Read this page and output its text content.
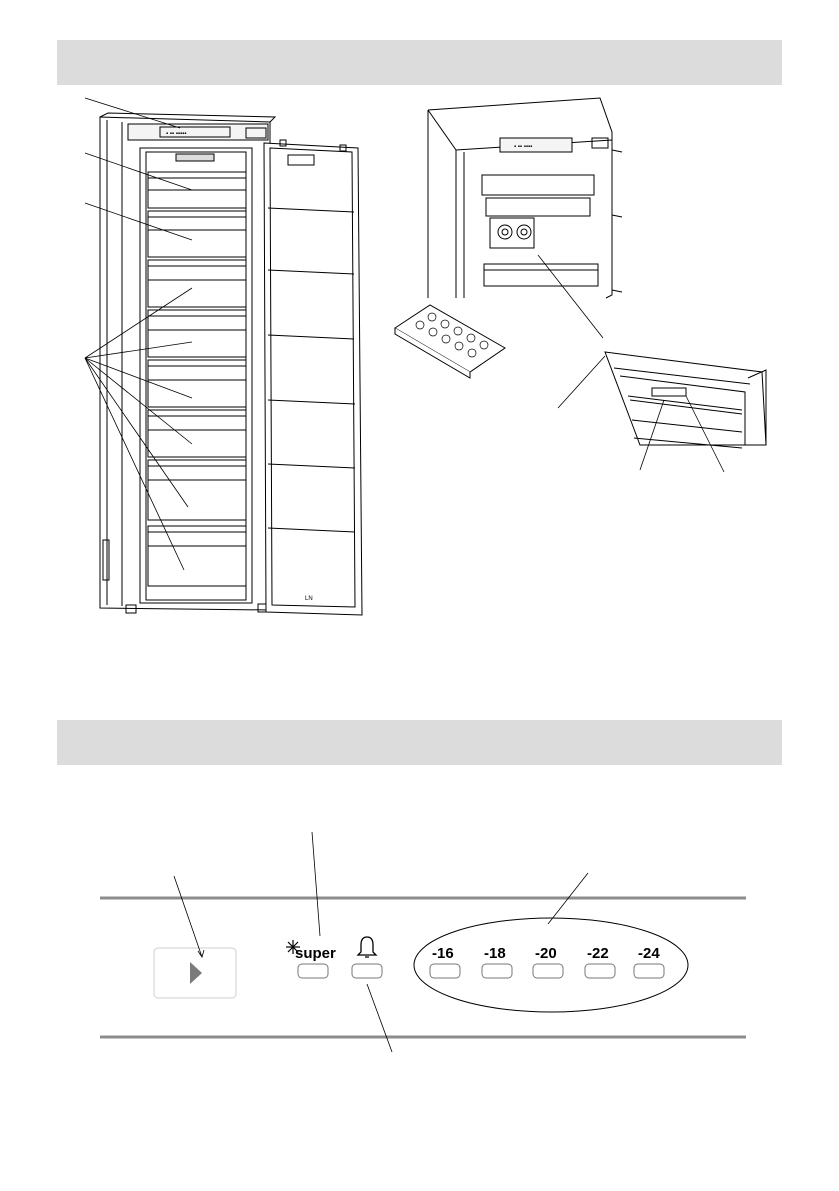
▪ ▪▪ ▪▪▪▪▪
LN
▪ ▪▪ ▪▪▪▪
super	-16 -18 -20 -22 -24
